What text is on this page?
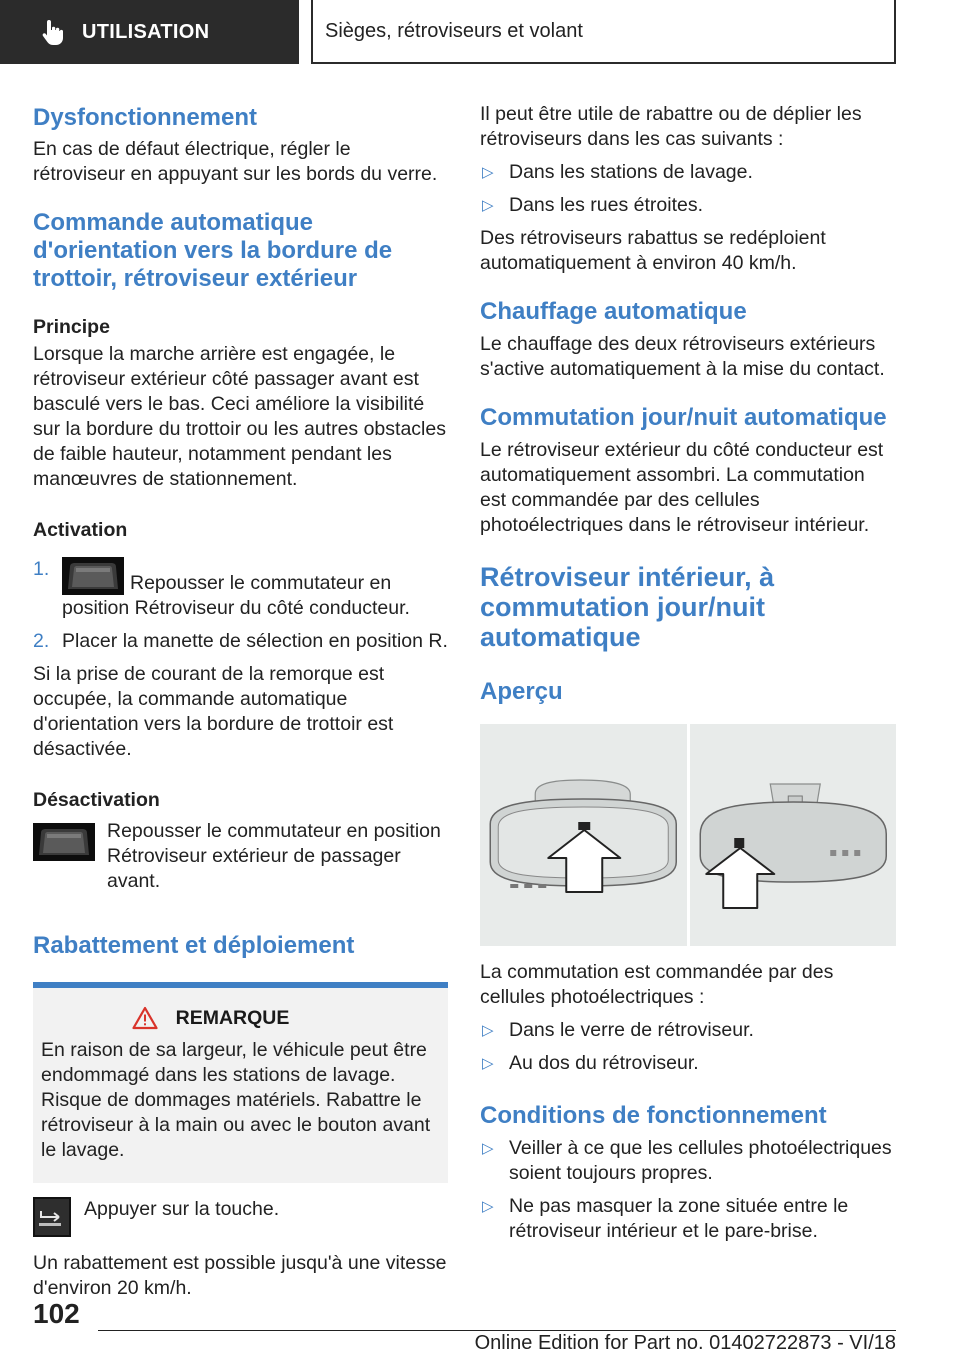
UTILISATION	Sièges, rétroviseurs et volant
Dysfonctionnement

En cas de défaut électrique, régler le rétroviseur en appuyant sur les bords du verre.

Commande automatique d'orientation vers la bordure de trottoir, rétroviseur extérieur
Principe

Lorsque la marche arrière est engagée, le rétroviseur extérieur côté passager avant est basculé vers le bas. Ceci améliore la visibilité sur la bordure du trottoir ou les autres obstacles de faible hauteur, notamment pendant les manœuvres de stationnement.

Activation
1.
Repousser le commutateur en position Rétroviseur du côté conducteur.
2. Placer la manette de sélection en position R.

Si la prise de courant de la remorque est occupée, la commande automatique d'orientation vers la bordure de trottoir est désactivée.

Désactivation

Repousser le commutateur en position Rétroviseur extérieur de passager avant.

Rabattement et déploiement
REMARQUE

En raison de sa largeur, le véhicule peut être endommagé dans les stations de lavage. Risque de dommages matériels. Rabattre le rétroviseur à la main ou avec le bouton avant le lavage.

Appuyer sur la touche.

Un rabattement est possible jusqu'à une vitesse d'environ 20 km/h.

Il peut être utile de rabattre ou de déplier les rétroviseurs dans les cas suivants :

▷ Dans les stations de lavage.
▷ Dans les rues étroites.

Des rétroviseurs rabattus se redéploient automatiquement à environ 40 km/h.

Chauffage automatique

Le chauffage des deux rétroviseurs extérieurs s'active automatiquement à la mise du contact.

Commutation jour/nuit automatique

Le rétroviseur extérieur du côté conducteur est automatiquement assombri. La commutation est commandée par des cellules photoélectriques dans le rétroviseur intérieur.

Rétroviseur intérieur, à commutation jour/nuit automatique
Aperçu

La commutation est commandée par des cellules photoélectriques :

▷ Dans le verre de rétroviseur.
▷ Au dos du rétroviseur.
Conditions de fonctionnement
▷ Veiller à ce que les cellules photoélectriques soient toujours propres.
▷ Ne pas masquer la zone située entre le rétroviseur intérieur et le pare-brise.
102
Online Edition for Part no. 01402722873 - VI/18
